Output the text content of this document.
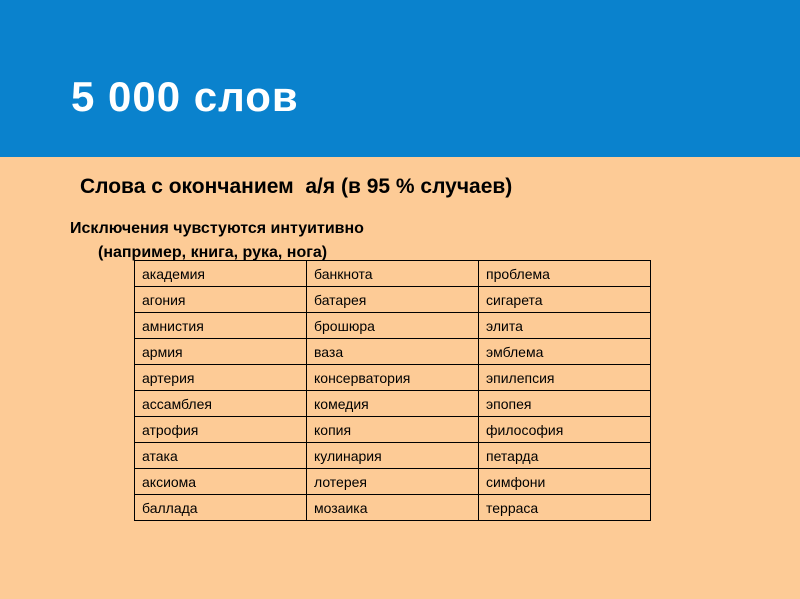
5 000 слов
Слова с окончанием  а/я (в 95 % случаев)
Исключения чувстуются интуитивно
(например, книга, рука, нога)
академия	банкнота	проблема
агония	батарея	сигарета
амнистия	брошюра	элита
армия	ваза	эмблема
артерия	консерватория	эпилепсия
ассамблея	комедия	эпопея
атрофия	копия	философия
атака	кулинария	петарда
аксиома	лотерея	симфони
баллада	мозаика	терраса
